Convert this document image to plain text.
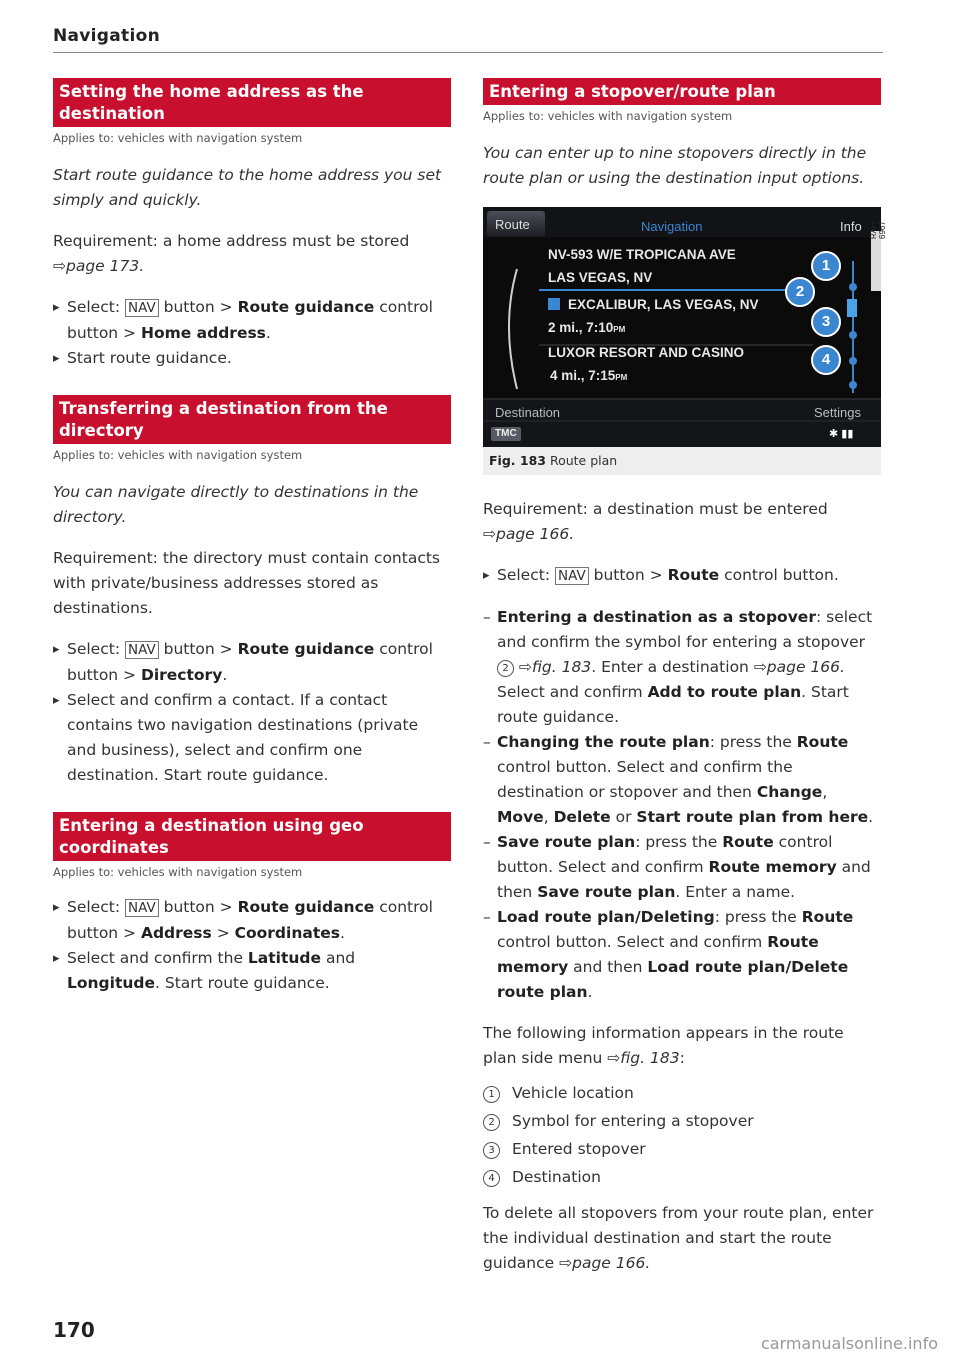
Navigation
Setting the home address as the destination
Applies to: vehicles with navigation system

Start route guidance to the home address you set simply and quickly.

Requirement: a home address must be stored
⇨page 173.

▸ Select: NAV button > Route guidance control button > Home address.
▸ Start route guidance.
Transferring a destination from the directory
Applies to: vehicles with navigation system

You can navigate directly to destinations in the directory.

Requirement: the directory must contain contacts with private/business addresses stored as destinations.

▸ Select: NAV button > Route guidance control button > Directory.
▸ Select and confirm a contact. If a contact contains two navigation destinations (private and business), select and confirm one destination. Start route guidance.
Entering a destination using geo coordinates
Applies to: vehicles with navigation system
▸ Select: NAV button > Route guidance control button > Address > Coordinates.
▸ Select and confirm the Latitude and Longitude. Start route guidance.
Entering a stopover/route plan
Applies to: vehicles with navigation system

You can enter up to nine stopovers directly in the route plan or using the destination input options.

Route	Navigation	Info
NV-593 W/E TROPICANA AVE
LAS VEGAS, NV
EXCALIBUR, LAS VEGAS, NV
2 mi., 7:10PM
LUXOR RESORT AND CASINO
4 mi., 7:15PM
Destination	Settings
TMC	✱ ▮▮
RAH-6967
1
2
3
4
Fig. 183 Route plan

Requirement: a destination must be entered
⇨page 166.

▸ Select: NAV button > Route control button.
– Entering a destination as a stopover: select and confirm the symbol for entering a stopover 2 ⇨fig. 183. Enter a destination ⇨page 166. Select and confirm Add to route plan. Start route guidance.
– Changing the route plan: press the Route control button. Select and confirm the destination or stopover and then Change, Move, Delete or Start route plan from here.
– Save route plan: press the Route control button. Select and confirm Route memory and then Save route plan. Enter a name.
– Load route plan/Deleting: press the Route control button. Select and confirm Route memory and then Load route plan/Delete route plan.

The following information appears in the route plan side menu ⇨fig. 183:

1 Vehicle location
2 Symbol for entering a stopover
3 Entered stopover
4 Destination

To delete all stopovers from your route plan, enter the individual destination and start the route guidance ⇨page 166.

170
carmanualsonline.info
